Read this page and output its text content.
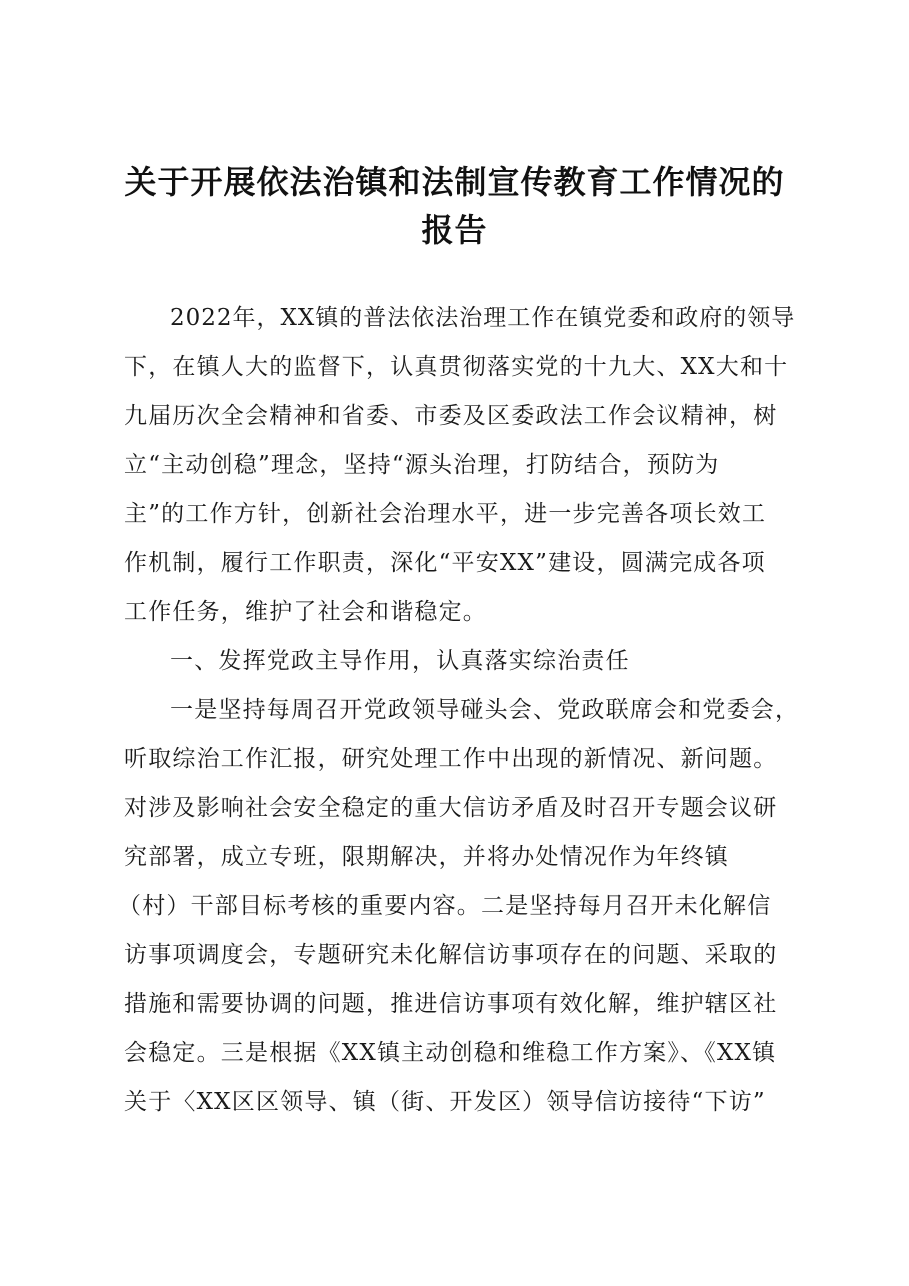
关于开展依法治镇和法制宣传教育工作情况的
报告
2022年，XX镇的普法依法治理工作在镇党委和政府的领导
下，在镇人大的监督下，认真贯彻落实党的十九大、XX大和十
九届历次全会精神和省委、市委及区委政法工作会议精神，树
立“主动创稳”理念，坚持“源头治理，打防结合，预防为
主”的工作方针，创新社会治理水平，进一步完善各项长效工
作机制，履行工作职责，深化“平安XX”建设，圆满完成各项
工作任务，维护了社会和谐稳定。
一、发挥党政主导作用，认真落实综治责任
一是坚持每周召开党政领导碰头会、党政联席会和党委会，
听取综治工作汇报，研究处理工作中出现的新情况、新问题。
对涉及影响社会安全稳定的重大信访矛盾及时召开专题会议研
究部署，成立专班，限期解决，并将办处情况作为年终镇
（村）干部目标考核的重要内容。二是坚持每月召开未化解信
访事项调度会，专题研究未化解信访事项存在的问题、采取的
措施和需要协调的问题，推进信访事项有效化解，维护辖区社
会稳定。三是根据《XX镇主动创稳和维稳工作方案》、《XX镇
关于〈XX区区领导、镇（街、开发区）领导信访接待“下访”
